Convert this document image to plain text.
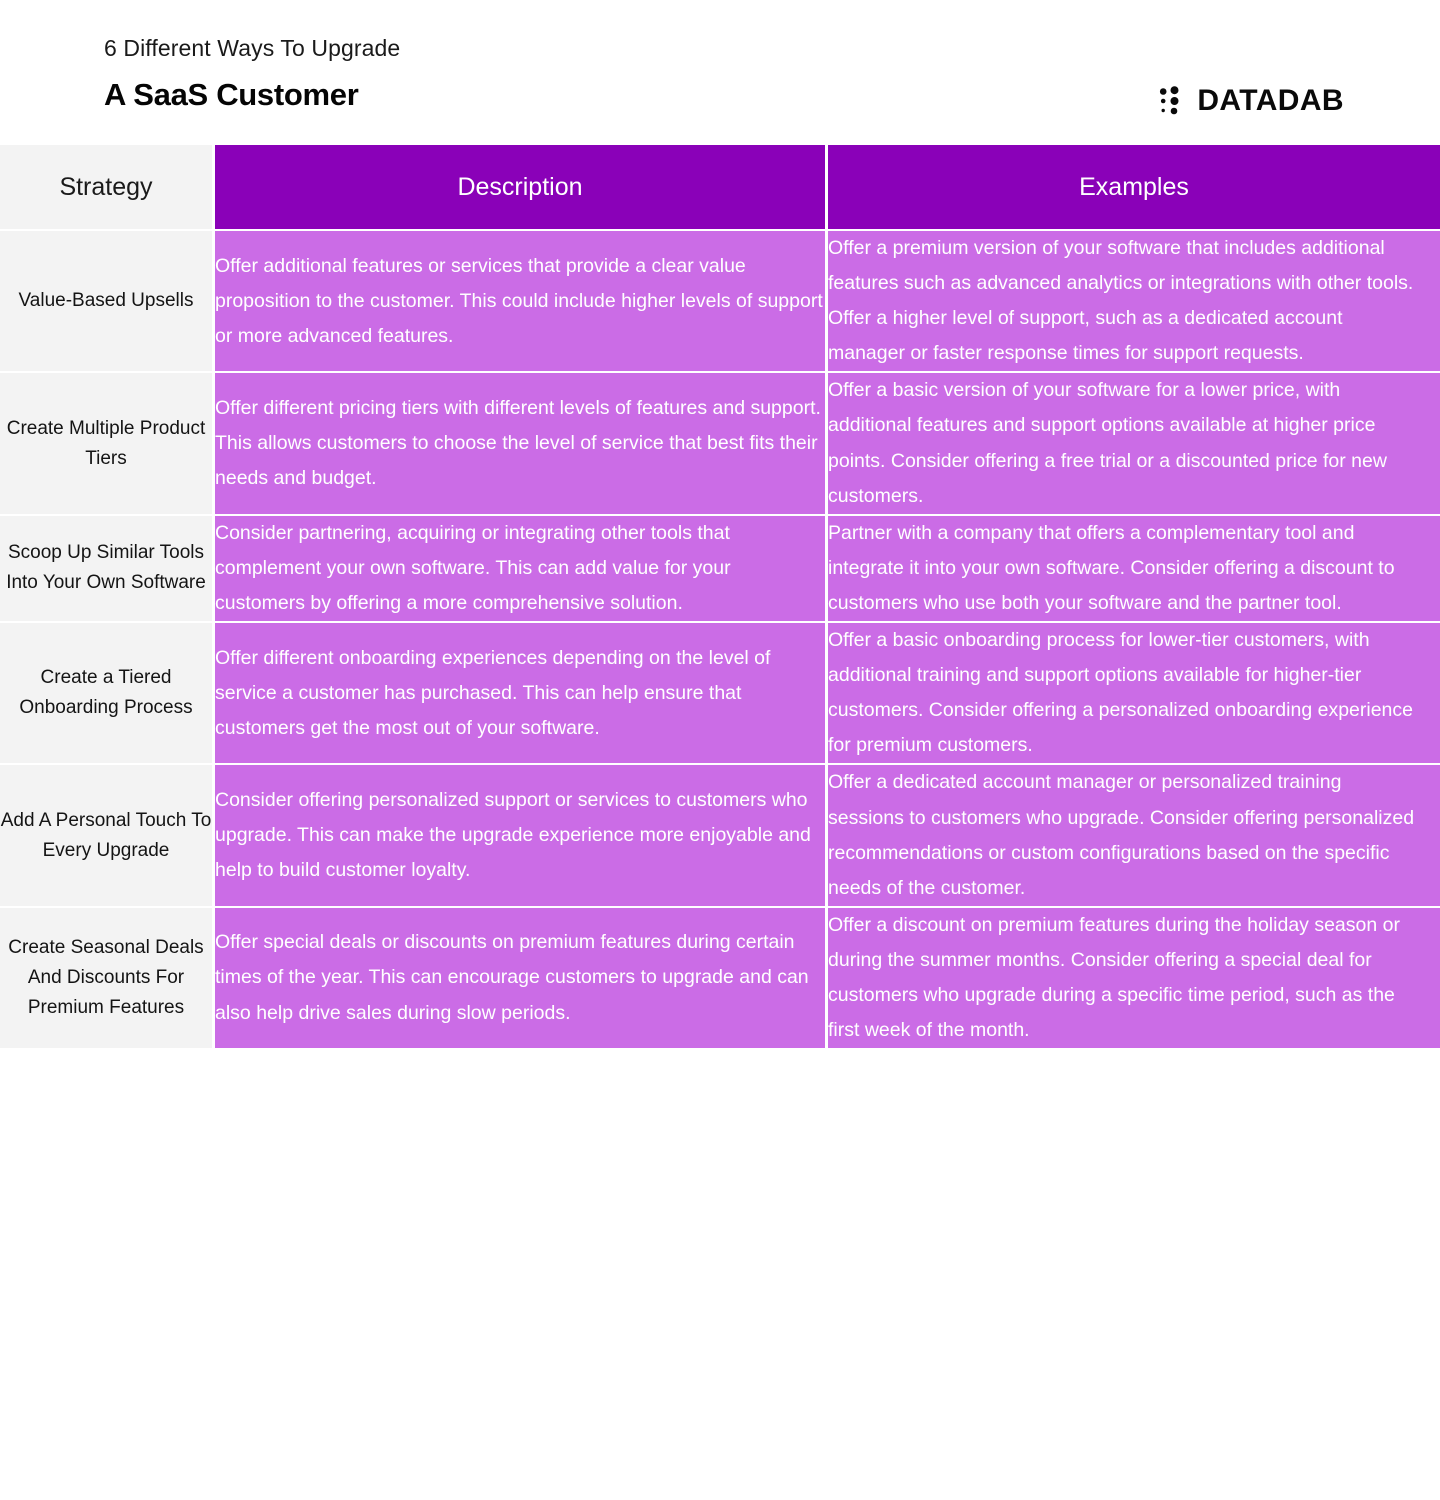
6 Different Ways To Upgrade
A SaaS Customer	DATADAB
Strategy	Description	Examples
Value-Based Upsells	Offer additional features or services that provide a clear value proposition to the customer. This could include higher levels of support or more advanced features.	Offer a premium version of your software that includes additional features such as advanced analytics or integrations with other tools. Offer a higher level of support, such as a dedicated account manager or faster response times for support requests.
Create Multiple Product Tiers	Offer different pricing tiers with different levels of features and support. This allows customers to choose the level of service that best fits their needs and budget.	Offer a basic version of your software for a lower price, with additional features and support options available at higher price points. Consider offering a free trial or a discounted price for new customers.
Scoop Up Similar Tools Into Your Own Software	Consider partnering, acquiring or integrating other tools that complement your own software. This can add value for your customers by offering a more comprehensive solution.	Partner with a company that offers a complementary tool and integrate it into your own software. Consider offering a discount to customers who use both your software and the partner tool.
Create a Tiered Onboarding Process	Offer different onboarding experiences depending on the level of service a customer has purchased. This can help ensure that customers get the most out of your software.	Offer a basic onboarding process for lower-tier customers, with additional training and support options available for higher-tier customers. Consider offering a personalized onboarding experience for premium customers.
Add A Personal Touch To Every Upgrade	Consider offering personalized support or services to customers who upgrade. This can make the upgrade experience more enjoyable and help to build customer loyalty.	Offer a dedicated account manager or personalized training sessions to customers who upgrade. Consider offering personalized recommendations or custom configurations based on the specific needs of the customer.
Create Seasonal Deals And Discounts For Premium Features	Offer special deals or discounts on premium features during certain times of the year. This can encourage customers to upgrade and can also help drive sales during slow periods.	Offer a discount on premium features during the holiday season or during the summer months. Consider offering a special deal for customers who upgrade during a specific time period, such as the first week of the month.
